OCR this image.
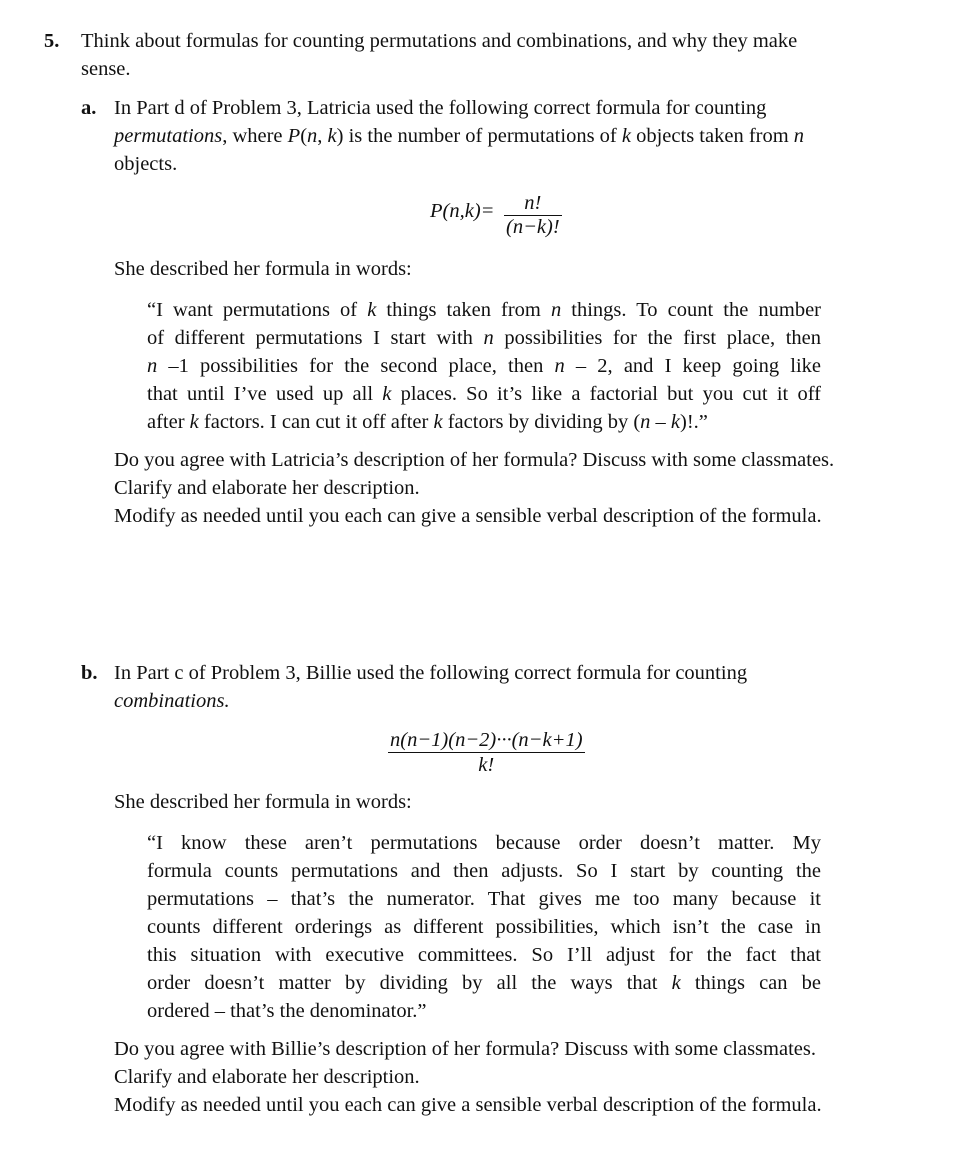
5. Think about formulas for counting permutations and combinations, and why they make
sense.
a. In Part d of Problem 3, Latricia used the following correct formula for counting
permutations, where P(n, k) is the number of permutations of k objects taken from n
objects.
$P(n,k)= \frac{n!}{(n-k)!}$
She described her formula in words:
“I want permutations of k things taken from n things. To count the number
of different permutations I start with n possibilities for the first place, then
n –1 possibilities for the second place, then n – 2, and I keep going like
that until I’ve used up all k places. So it’s like a factorial but you cut it off
after k factors. I can cut it off after k factors by dividing by (n – k)!.”
Do you agree with Latricia’s description of her formula? Discuss with some classmates.
Clarify and elaborate her description.
Modify as needed until you each can give a sensible verbal description of the formula.
b. In Part c of Problem 3, Billie used the following correct formula for counting
combinations.
$\frac{n(n-1)(n-2)\cdot\cdot\cdot(n-k+1)}{k!}$
She described her formula in words:
“I know these aren’t permutations because order doesn’t matter. My
formula counts permutations and then adjusts. So I start by counting the
permutations – that’s the numerator. That gives me too many because it
counts different orderings as different possibilities, which isn’t the case in
this situation with executive committees. So I’ll adjust for the fact that
order doesn’t matter by dividing by all the ways that k things can be
ordered – that’s the denominator.”
Do you agree with Billie’s description of her formula? Discuss with some classmates.
Clarify and elaborate her description.
Modify as needed until you each can give a sensible verbal description of the formula.
